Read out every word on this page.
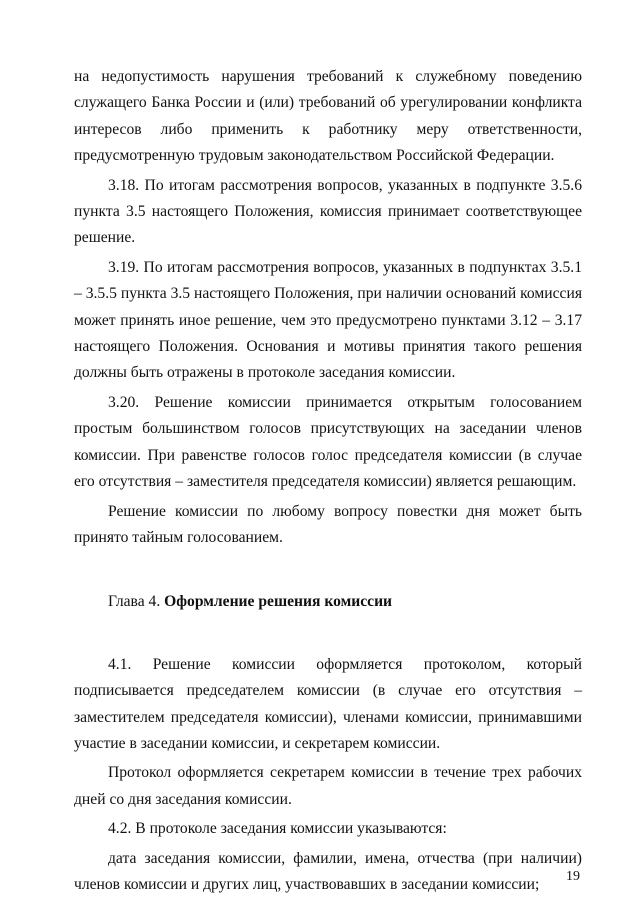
на недопустимость нарушения требований к служебному поведению служащего Банка России и (или) требований об урегулировании конфликта интересов либо применить к работнику меру ответственности, предусмотренную трудовым законодательством Российской Федерации.

3.18. По итогам рассмотрения вопросов, указанных в подпункте 3.5.6 пункта 3.5 настоящего Положения, комиссия принимает соответствующее решение.

3.19. По итогам рассмотрения вопросов, указанных в подпунктах 3.5.1 – 3.5.5 пункта 3.5 настоящего Положения, при наличии оснований комиссия может принять иное решение, чем это предусмотрено пунктами 3.12 – 3.17 настоящего Положения. Основания и мотивы принятия такого решения должны быть отражены в протоколе заседания комиссии.

3.20. Решение комиссии принимается открытым голосованием простым большинством голосов присутствующих на заседании членов комиссии. При равенстве голосов голос председателя комиссии (в случае его отсутствия – заместителя председателя комиссии) является решающим.

Решение комиссии по любому вопросу повестки дня может быть принято тайным голосованием.

Глава 4. Оформление решения комиссии

4.1. Решение комиссии оформляется протоколом, который подписывается председателем комиссии (в случае его отсутствия – заместителем председателя комиссии), членами комиссии, принимавшими участие в заседании комиссии, и секретарем комиссии.

Протокол оформляется секретарем комиссии в течение трех рабочих дней со дня заседания комиссии.

4.2. В протоколе заседания комиссии указываются:

дата заседания комиссии, фамилии, имена, отчества (при наличии) членов комиссии и других лиц, участвовавших в заседании комиссии;	19
